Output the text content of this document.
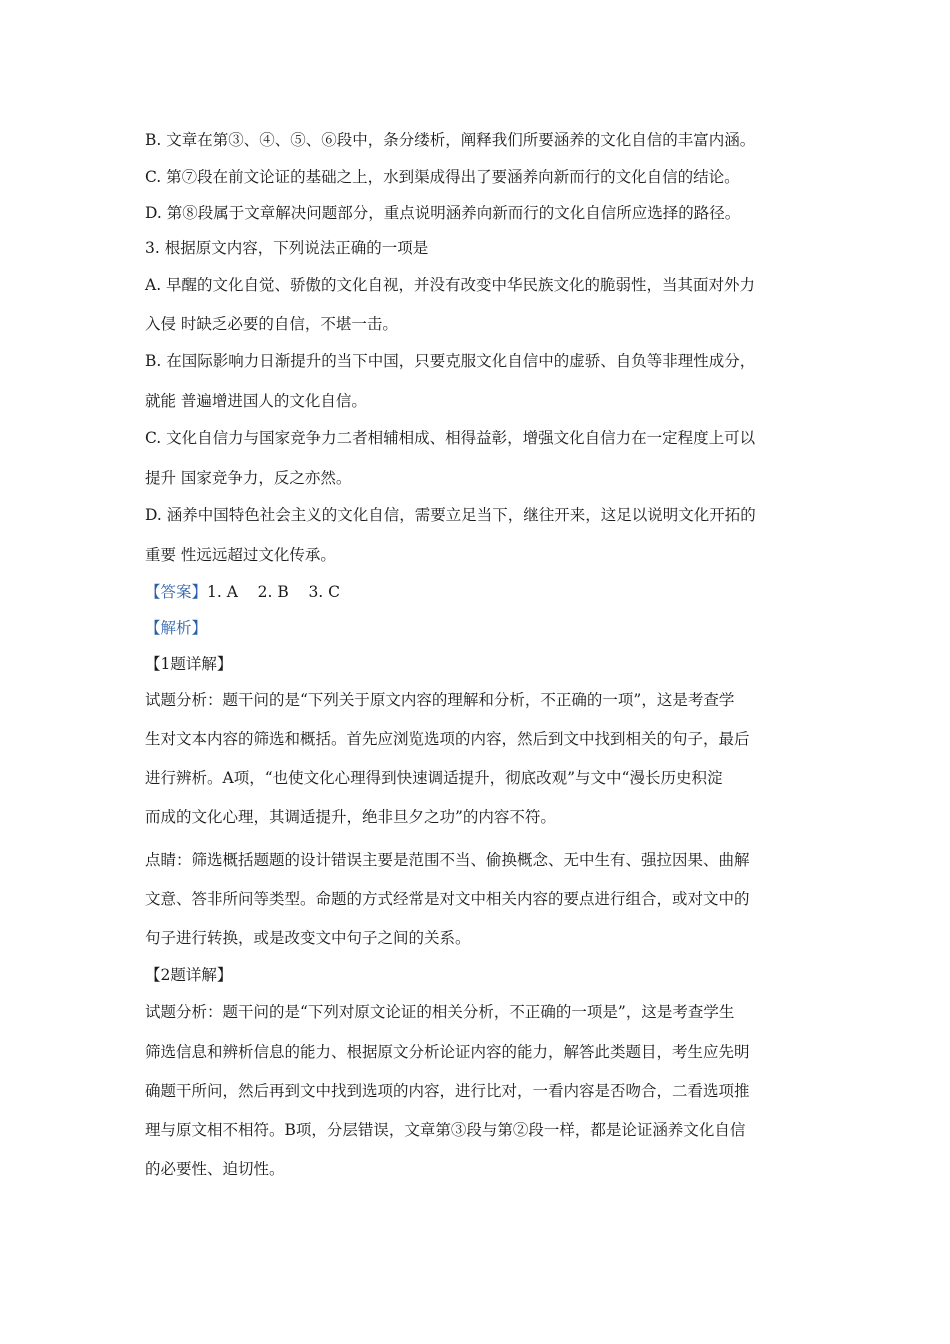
B. 文章在第③、④、⑤、⑥段中，条分缕析，阐释我们所要涵养的文化自信的丰富内涵。
C. 第⑦段在前文论证的基础之上，水到渠成得出了要涵养向新而行的文化自信的结论。
D. 第⑧段属于文章解决问题部分，重点说明涵养向新而行的文化自信所应选择的路径。
3. 根据原文内容，下列说法正确的一项是
A. 早醒的文化自觉、骄傲的文化自视，并没有改变中华民族文化的脆弱性，当其面对外力
入侵 时缺乏必要的自信，不堪一击。
B. 在国际影响力日渐提升的当下中国，只要克服文化自信中的虚骄、自负等非理性成分，
就能 普遍增进国人的文化自信。
C. 文化自信力与国家竞争力二者相辅相成、相得益彰，增强文化自信力在一定程度上可以
提升 国家竞争力，反之亦然。
D. 涵养中国特色社会主义的文化自信，需要立足当下，继往开来，这足以说明文化开拓的
重要 性远远超过文化传承。
【答案】1. A    2. B    3. C
【解析】
【1题详解】
试题分析：题干问的是“下列关于原文内容的理解和分析，不正确的一项”，这是考查学
生对文本内容的筛选和概括。首先应浏览选项的内容，然后到文中找到相关的句子，最后
进行辨析。A项，“也使文化心理得到快速调适提升，彻底改观”与文中“漫长历史积淀
而成的文化心理，其调适提升，绝非旦夕之功”的内容不符。
点睛：筛选概括题题的设计错误主要是范围不当、偷换概念、无中生有、强拉因果、曲解
文意、答非所问等类型。命题的方式经常是对文中相关内容的要点进行组合，或对文中的
句子进行转换，或是改变文中句子之间的关系。
【2题详解】
试题分析：题干问的是“下列对原文论证的相关分析，不正确的一项是”，这是考查学生
筛选信息和辨析信息的能力、根据原文分析论证内容的能力，解答此类题目，考生应先明
确题干所问，然后再到文中找到选项的内容，进行比对，一看内容是否吻合，二看选项推
理与原文相不相符。B项，分层错误，文章第③段与第②段一样，都是论证涵养文化自信
的必要性、迫切性。
